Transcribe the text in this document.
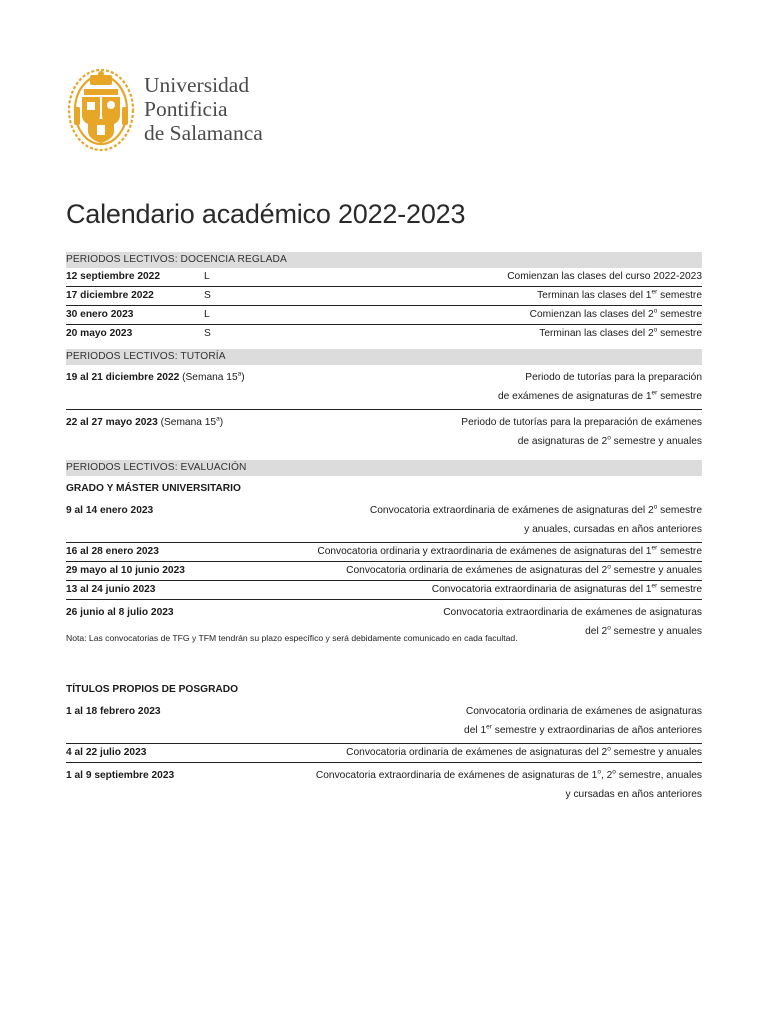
Universidad
Pontificia
de Salamanca
Calendario académico 2022-2023
PERIODOS LECTIVOS: DOCENCIA REGLADA
12 septiembre 2022	L	Comienzan las clases del curso 2022-2023
17 diciembre 2022	S	Terminan las clases del 1er semestre
30 enero 2023	L	Comienzan las clases del 2$^o$ semestre
20 mayo 2023	S	Terminan las clases del 2$^o$ semestre
PERIODOS LECTIVOS: TUTORÍA
19 al 21 diciembre 2022 (Semana 15$^a$)	Periodo de tutorías para la preparación
de exámenes de asignaturas de 1er semestre
22 al 27 mayo 2023 (Semana 15$^a$)	Periodo de tutorías para la preparación de exámenes
de asignaturas de 2$^o$ semestre y anuales
PERIODOS LECTIVOS: EVALUACIÓN
GRADO Y MÁSTER UNIVERSITARIO
9 al 14 enero 2023	Convocatoria extraordinaria de exámenes de asignaturas del 2$^o$ semestre
y anuales, cursadas en años anteriores
16 al 28 enero 2023	Convocatoria ordinaria y extraordinaria de exámenes de asignaturas del 1er semestre
29 mayo al 10 junio 2023	Convocatoria ordinaria de exámenes de asignaturas del 2$^o$ semestre y anuales
13 al 24 junio 2023	Convocatoria extraordinaria de asignaturas del 1er semestre
26 junio al 8 julio 2023	Convocatoria extraordinaria de exámenes de asignaturas
del 2$^o$ semestre y anuales
Nota: Las convocatorias de TFG y TFM tendrán su plazo específico y será debidamente comunicado en cada facultad.
TÍTULOS PROPIOS DE POSGRADO
1 al 18 febrero 2023	Convocatoria ordinaria de exámenes de asignaturas
del 1er semestre y extraordinarias de años anteriores
4 al 22 julio 2023	Convocatoria ordinaria de exámenes de asignaturas del 2$^o$ semestre y anuales
1 al 9 septiembre 2023	Convocatoria extraordinaria de exámenes de asignaturas de 1$^o$, 2$^o$ semestre, anuales
y cursadas en años anteriores
